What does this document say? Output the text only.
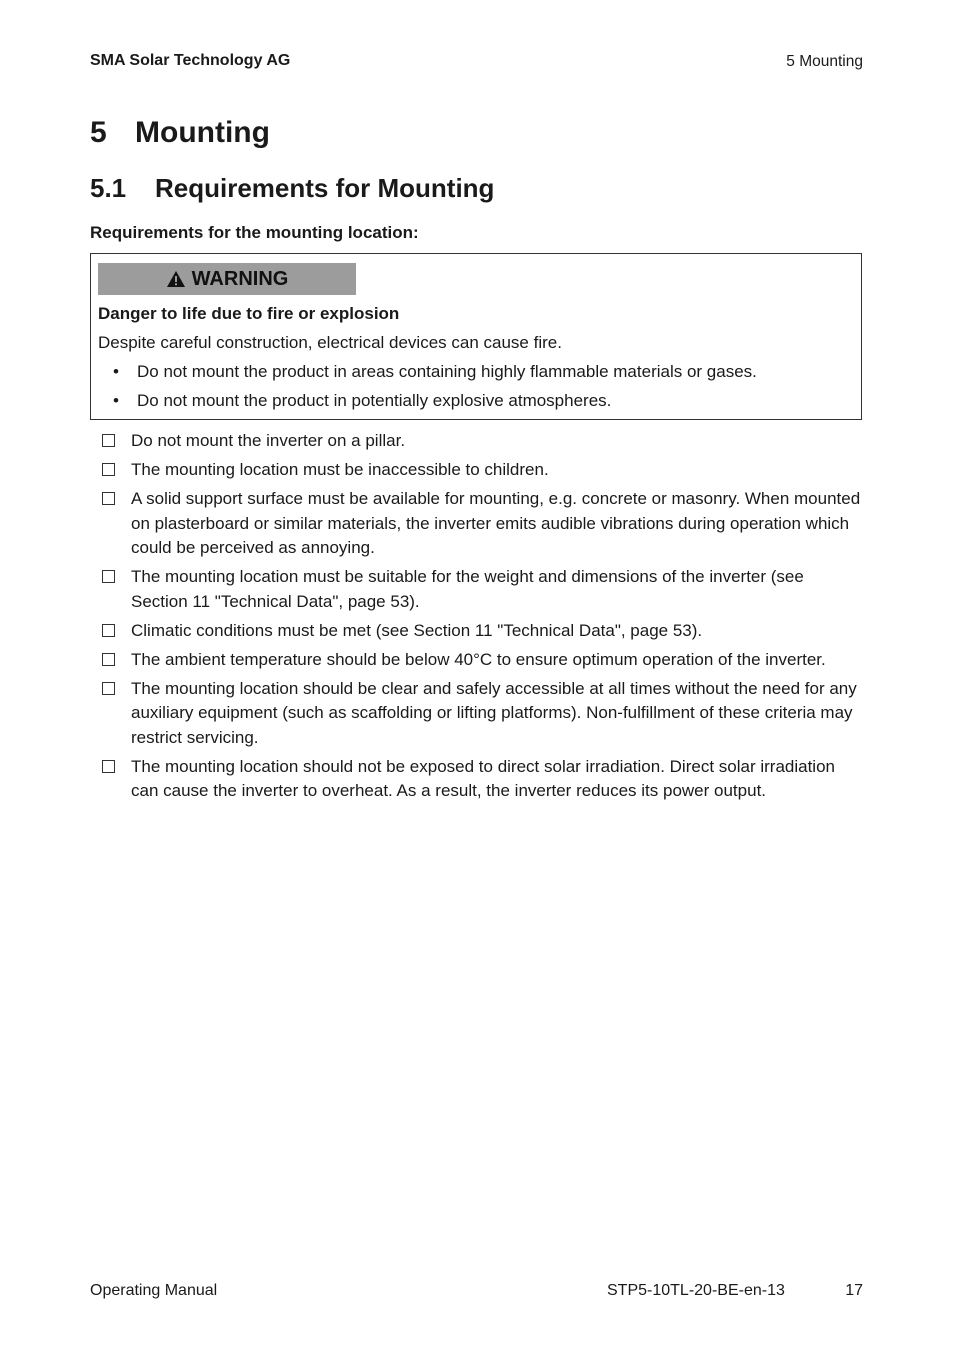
SMA Solar Technology AG	5 Mounting
5 Mounting
5.1 Requirements for Mounting
Requirements for the mounting location:
WARNING
Danger to life due to fire or explosion
Despite careful construction, electrical devices can cause fire.
•	Do not mount the product in areas containing highly flammable materials or gases.
•	Do not mount the product in potentially explosive atmospheres.
Do not mount the inverter on a pillar.
The mounting location must be inaccessible to children.
A solid support surface must be available for mounting, e.g. concrete or masonry. When mounted on plasterboard or similar materials, the inverter emits audible vibrations during operation which could be perceived as annoying.
The mounting location must be suitable for the weight and dimensions of the inverter (see Section 11 "Technical Data", page 53).
Climatic conditions must be met (see Section 11 "Technical Data", page 53).
The ambient temperature should be below 40°C to ensure optimum operation of the inverter.
The mounting location should be clear and safely accessible at all times without the need for any auxiliary equipment (such as scaffolding or lifting platforms). Non-fulfillment of these criteria may restrict servicing.
The mounting location should not be exposed to direct solar irradiation. Direct solar irradiation can cause the inverter to overheat. As a result, the inverter reduces its power output.
Operating Manual	STP5-10TL-20-BE-en-13	17
